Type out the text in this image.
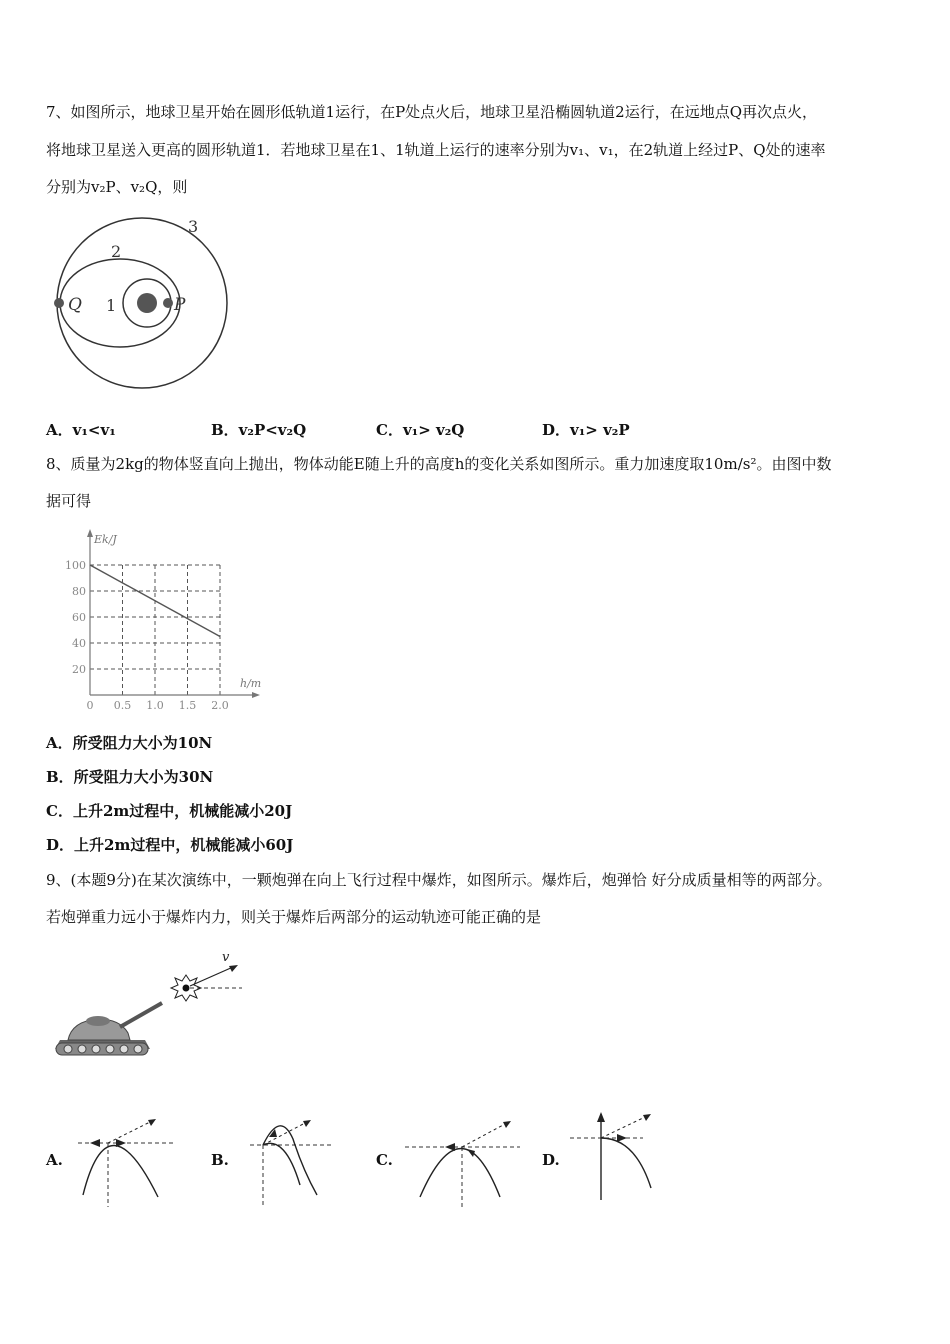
7、如图所示，地球卫星开始在圆形低轨道1运行，在P处点火后，地球卫星沿椭圆轨道2运行，在远地点Q再次点火，
将地球卫星送入更高的圆形轨道1．若地球卫星在1、1轨道上运行的速率分别为v₁、v₁，在2轨道上经过P、Q处的速率
分别为v₂P、v₂Q，则
3
2
1
Q	P
A．v₁<v₁	B．v₂P<v₂Q	C．v₁> v₂Q	D．v₁> v₂P
8、质量为2kg的物体竖直向上抛出，物体动能E随上升的高度h的变化关系如图所示。重力加速度取10m/s²。由图中数
据可得
0 0.5 1.0 1.5 2.0
20
40
60
80
100
Ek/J
h/m
A．所受阻力大小为10N
B．所受阻力大小为30N
C．上升2m过程中，机械能减小20J
D．上升2m过程中，机械能减小60J
9、(本题9分)在某次演练中，一颗炮弹在向上飞行过程中爆炸，如图所示。爆炸后，炮弹恰 好分成质量相等的两部分。
若炮弹重力远小于爆炸内力，则关于爆炸后两部分的运动轨迹可能正确的是
v
A.	B.	C.	D.
